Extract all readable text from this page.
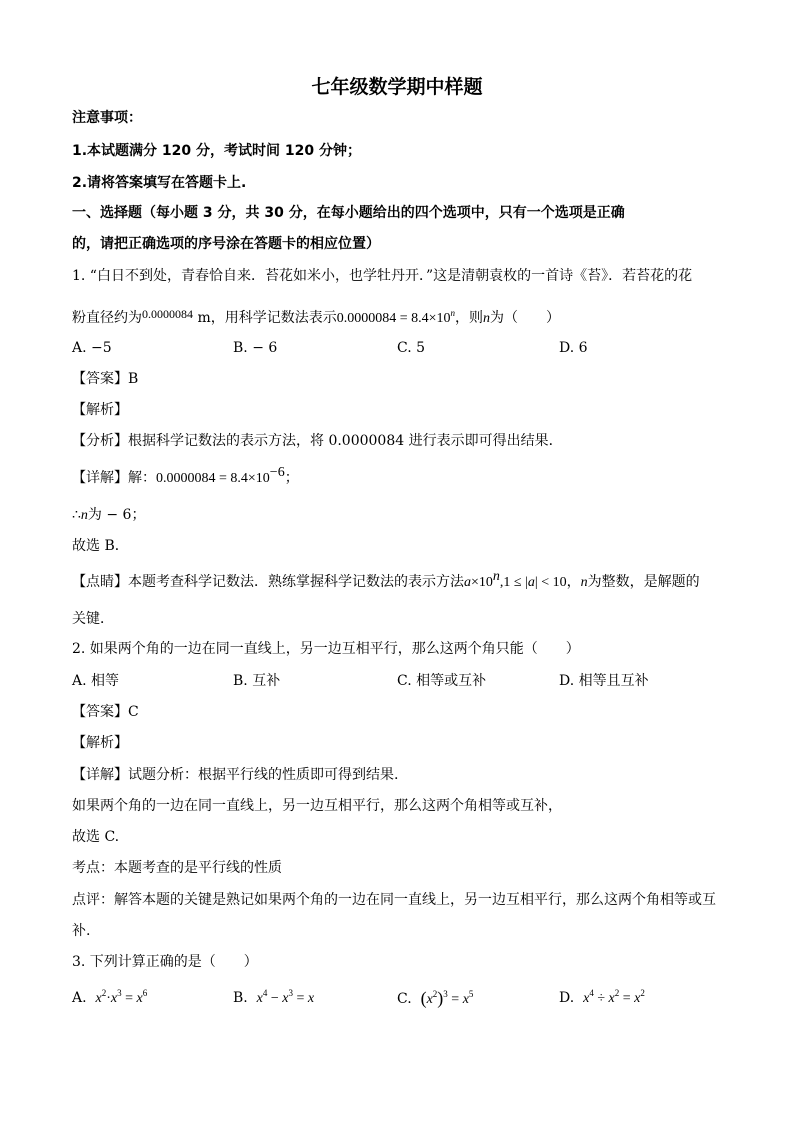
七年级数学期中样题
注意事项：
1.本试题满分 120 分，考试时间 120 分钟；
2.请将答案填写在答题卡上.
一、选择题（每小题 3 分，共 30 分，在每小题给出的四个选项中，只有一个选项是正确
的，请把正确选项的序号涂在答题卡的相应位置）
1. “白日不到处，青春恰自来．苔花如米小，也学牡丹开．”这是清朝袁枚的一首诗《苔》．若苔花的花
粉直径约为0.0000084 m，用科学记数法表示$0.0000084 = 8.4\times 10^n$，则n为（　　）
A. −5	B. − 6	C. 5	D. 6
【答案】B
【解析】
【分析】根据科学记数法的表示方法，将 0.0000084 进行表示即可得出结果．
【详解】解：$0.0000084 = 8.4\times 10^{-6}$；
∴n为 − 6；
故选 B．
【点睛】本题考查科学记数法．熟练掌握科学记数法的表示方法$a\times 10^n,1 \le |a| < 10$，n为整数，是解题的
关键．
2. 如果两个角的一边在同一直线上，另一边互相平行，那么这两个角只能（　　）
A. 相等	B. 互补	C. 相等或互补	D. 相等且互补
【答案】C
【解析】
【详解】试题分析：根据平行线的性质即可得到结果.
如果两个角的一边在同一直线上，另一边互相平行，那么这两个角相等或互补，
故选 C.
考点：本题考查的是平行线的性质
点评：解答本题的关键是熟记如果两个角的一边在同一直线上，另一边互相平行，那么这两个角相等或互
补.
3. 下列计算正确的是（　　）
A. $x^2\cdot x^3 = x^6$	B. $x^4 - x^3 = x$	C. $(x^2)^3 = x^5$	D. $x^4 \div x^2 = x^2$
